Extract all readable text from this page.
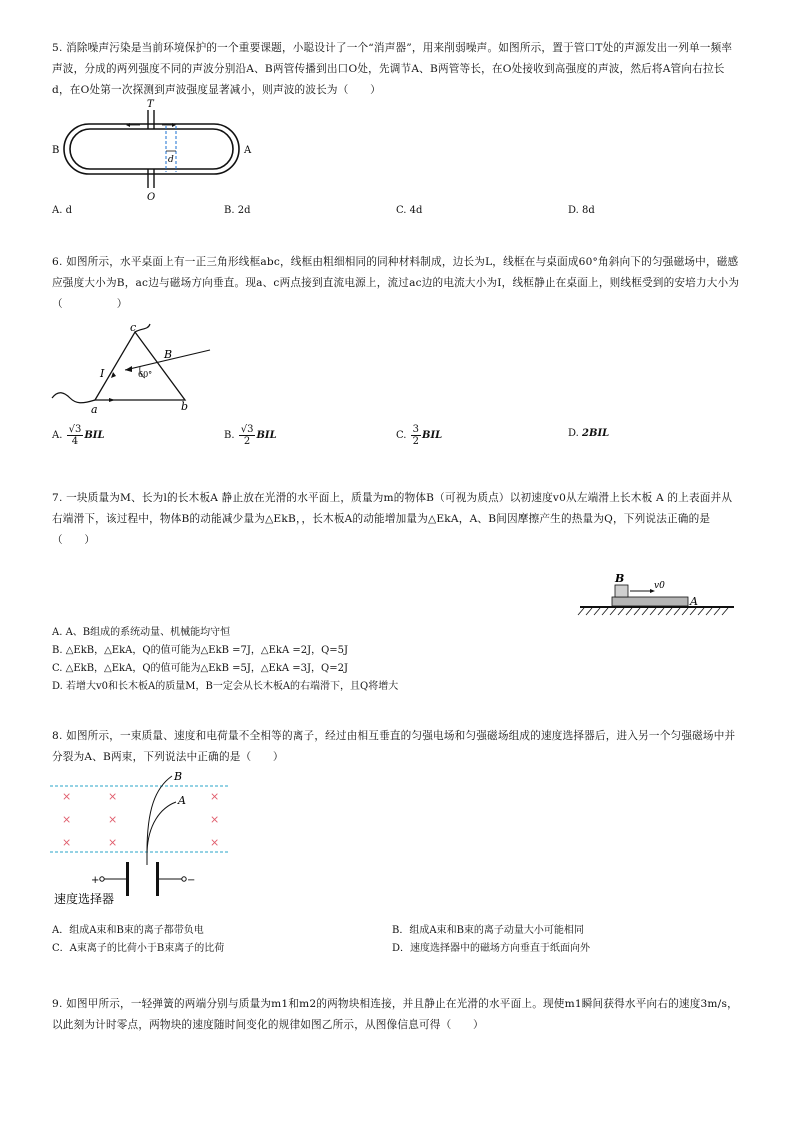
5. 消除噪声污染是当前环境保护的一个重要课题，小聪设计了一个“消声器”，用来削弱噪声。如图所示，置于管口T处的声源发出一列单一频率声波，分成的两列强度不同的声波分别沿A、B两管传播到出口O处，先调节A、B两管等长，在O处接收到高强度的声波，然后将A管向右拉长d，在O处第一次探测到声波强度显著减小，则声波的波长为（　　）
T
O
B	A
d
A. d	B. 2d	C. 4d	D. 8d
6. 如图所示，水平桌面上有一正三角形线框abc，线框由粗细相同的同种材料制成，边长为L，线框在与桌面成60°角斜向下的匀强磁场中，磁感应强度大小为B，ac边与磁场方向垂直。现a、c两点接到直流电源上，流过ac边的电流大小为I，线框静止在桌面上，则线框受到的安培力大小为（　　　　　）
c
a	b
B
I	60°
A. $\frac{√3}{4}$ BIL	B. $\frac{√3}{2}$ BIL	C. $\frac{3}{2}$ BIL	D. 2BIL
7. 一块质量为M、长为l的长木板A 静止放在光滑的水平面上，质量为m的物体B（可视为质点）以初速度v0从左端滑上长木板 A 的上表面并从右端滑下，该过程中，物体B的动能减少量为△EkB，，长木板A的动能增加量为△EkA，A、B间因摩擦产生的热量为Q，下列说法正确的是（　　）
B
v0
A
A. A、B组成的系统动量、机械能均守恒
B. △EkB，△EkA，Q的值可能为△EkB =7J，△EkA =2J，Q=5J
C. △EkB，△EkA，Q的值可能为△EkB =5J，△EkA =3J，Q=2J
D. 若增大v0和长木板A的质量M，B一定会从长木板A的右端滑下，且Q将增大
8. 如图所示，一束质量、速度和电荷量不全相等的离子，经过由相互垂直的匀强电场和匀强磁场组成的速度选择器后，进入另一个匀强磁场中并分裂为A、B两束，下列说法中正确的是（　　）
×	×	×
×	×	×
×	×	×
B
A
+	−
速度选择器
A．组成A束和B束的离子都带负电	B．组成A束和B束的离子动量大小可能相同
C．A束离子的比荷小于B束离子的比荷	D．速度选择器中的磁场方向垂直于纸面向外
9. 如图甲所示，一轻弹簧的两端分别与质量为m1和m2的两物块相连接，并且静止在光滑的水平面上。现使m1瞬间获得水平向右的速度3m/s，以此刻为计时零点，两物块的速度随时间变化的规律如图乙所示，从图像信息可得（　　）
